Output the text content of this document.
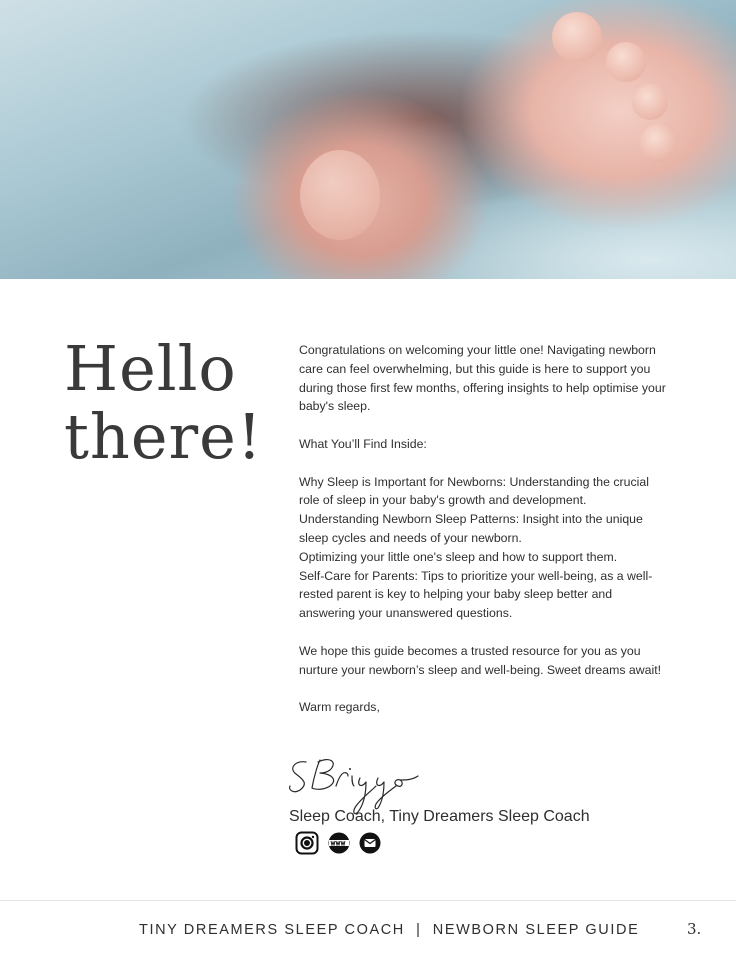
Hello
there!

Congratulations on welcoming your little one! Navigating newborn care can feel overwhelming, but this guide is here to support you during those first few months, offering insights to help optimise your baby's sleep.

What You’ll Find Inside:

Why Sleep is Important for Newborns: Understanding the crucial role of sleep in your baby's growth and development.
Understanding Newborn Sleep Patterns: Insight into the unique sleep cycles and needs of your newborn.
Optimizing your little one's sleep and how to support them.
Self-Care for Parents: Tips to prioritize your well-being, as a well-rested parent is key to helping your baby sleep better and answering your unanswered questions.

We hope this guide becomes a trusted resource for you as you nurture your newborn’s sleep and well-being. Sweet dreams await!

Warm regards,

Sleep Coach, Tiny Dreamers Sleep Coach
TINY DREAMERS SLEEP COACH  |  NEWBORN SLEEP GUIDE	3.
